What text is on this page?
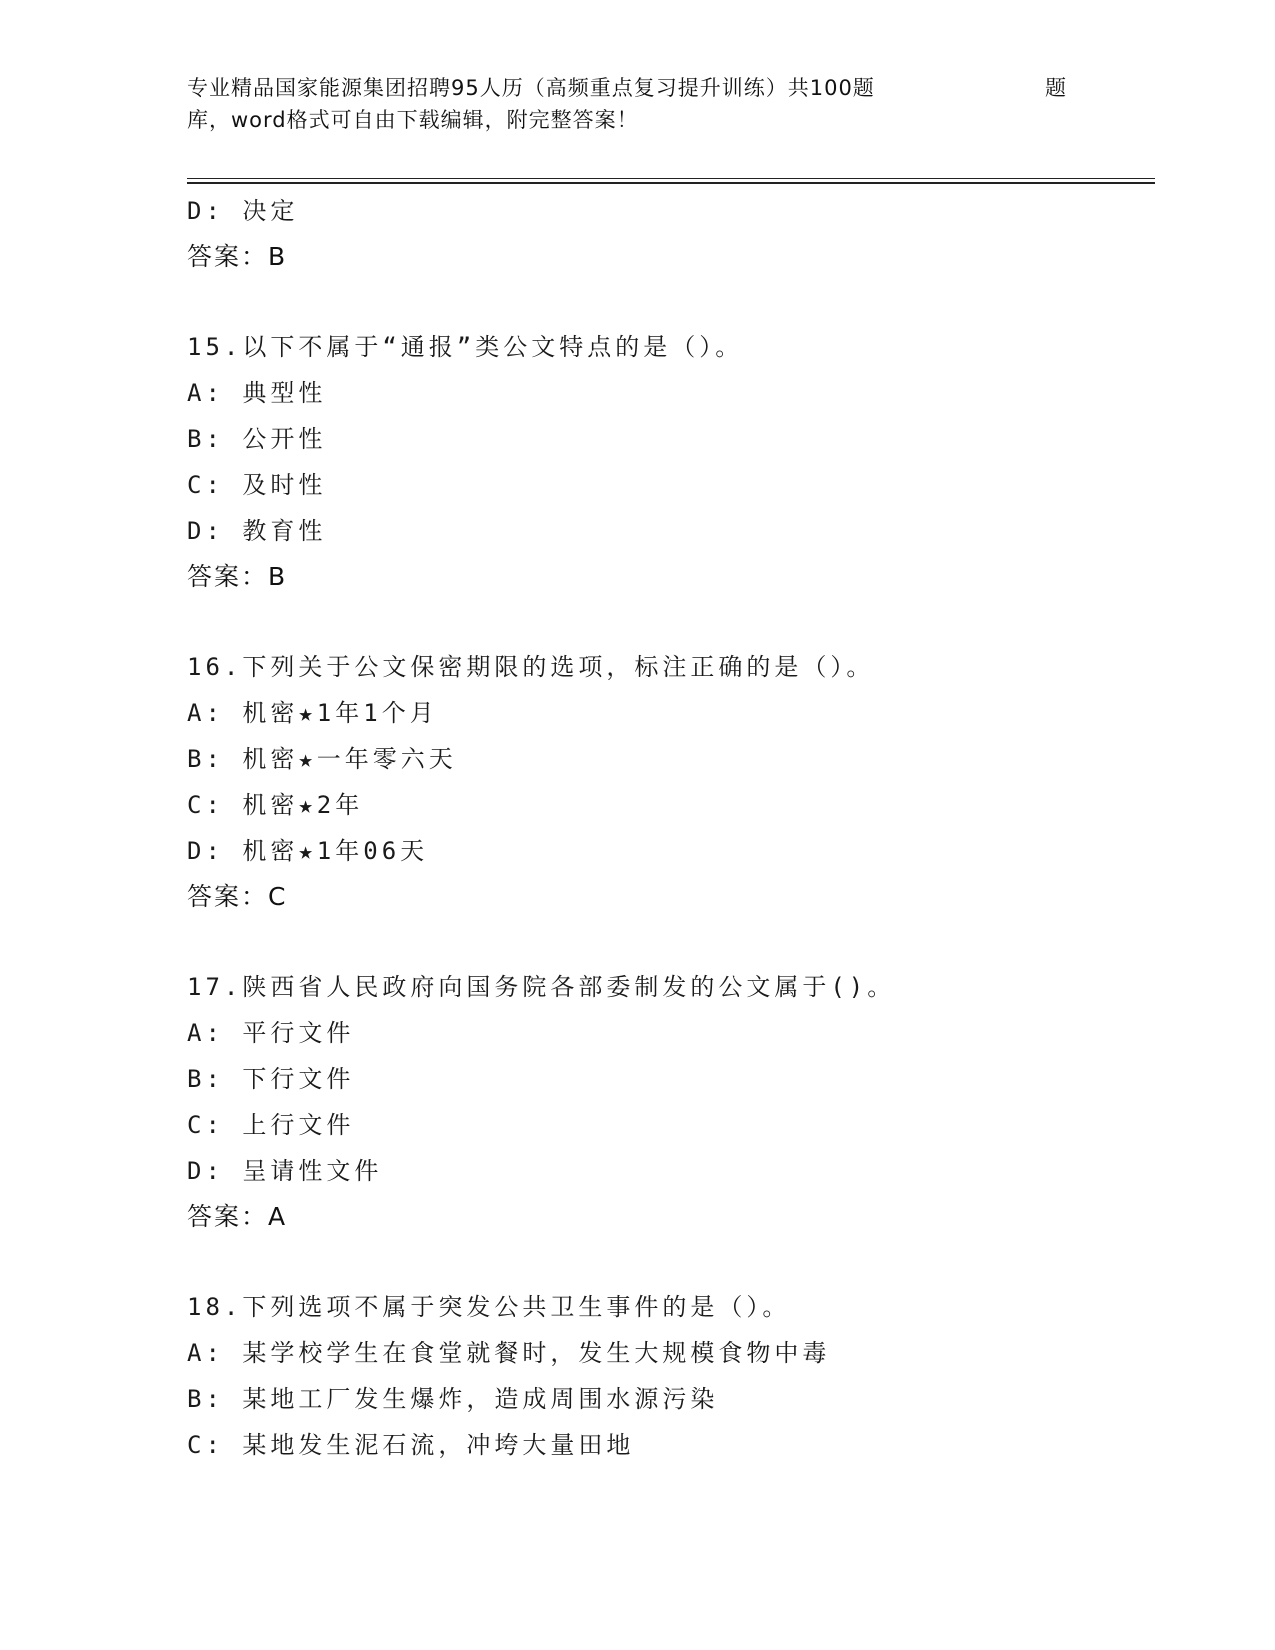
专业精品国家能源集团招聘95人历（高频重点复习提升训练）共100题	题
库，word格式可自由下载编辑，附完整答案！
D: 决定
答案：B
15.以下不属于“通报”类公文特点的是（）。
A: 典型性
B: 公开性
C: 及时性
D: 教育性
答案：B
16.下列关于公文保密期限的选项，标注正确的是（）。
A: 机密★1年1个月
B: 机密★一年零六天
C: 机密★2年
D: 机密★1年06天
答案：C
17.陕西省人民政府向国务院各部委制发的公文属于()。
A: 平行文件
B: 下行文件
C: 上行文件
D: 呈请性文件
答案：A
18.下列选项不属于突发公共卫生事件的是（）。
A: 某学校学生在食堂就餐时，发生大规模食物中毒
B: 某地工厂发生爆炸，造成周围水源污染
C: 某地发生泥石流，冲垮大量田地
